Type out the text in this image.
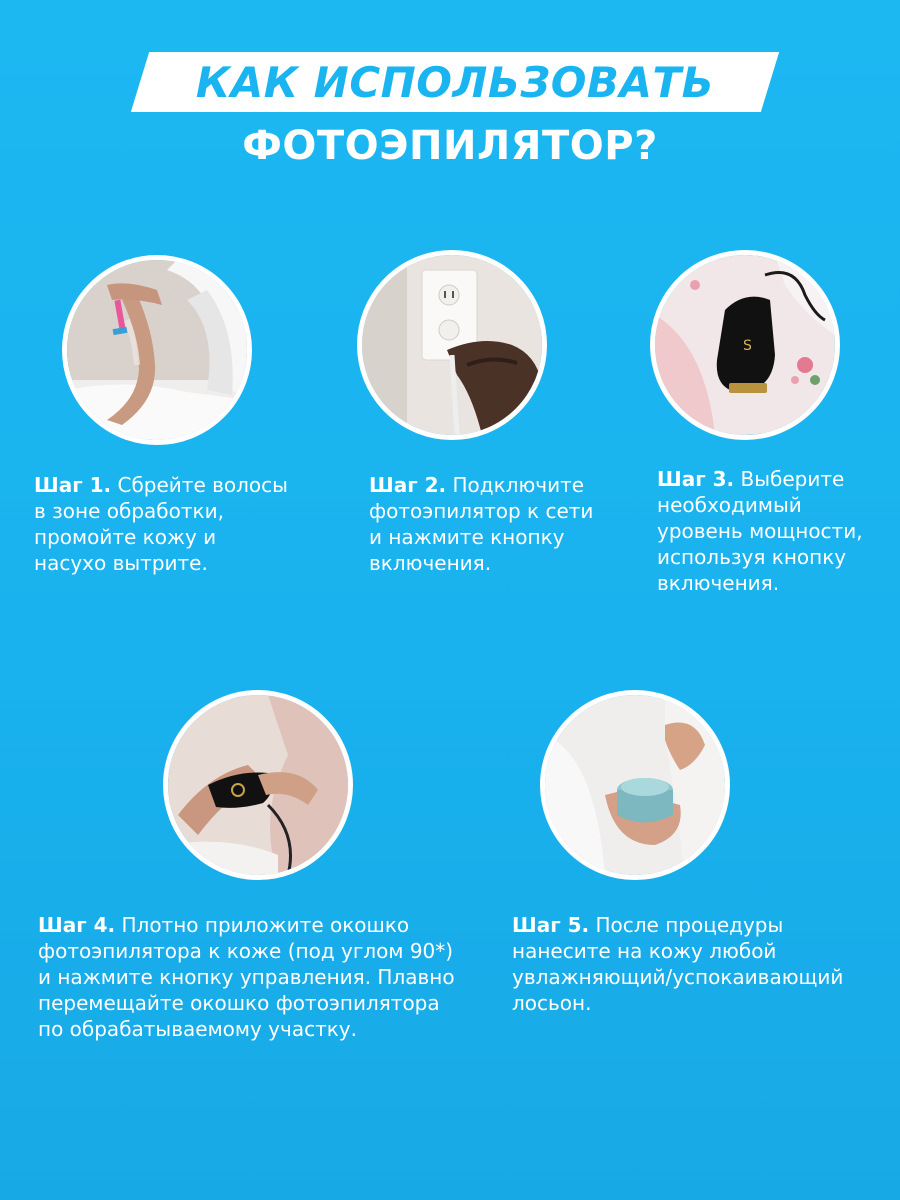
КАК ИСПОЛЬЗОВАТЬ
ФОТОЭПИЛЯТОР?
S
Шаг 1. Сбрейте волосы
в зоне обработки,
промойте кожу и
насухо вытрите.
Шаг 2. Подключите
фотоэпилятор к сети
и нажмите кнопку
включения.
Шаг 3. Выберите
необходимый
уровень мощности,
используя кнопку
включения.
Шаг 4. Плотно приложите окошко
фотоэпилятора к коже (под углом 90*)
и нажмите кнопку управления. Плавно
перемещайте окошко фотоэпилятора
по обрабатываемому участку.
Шаг 5. После процедуры
нанесите на кожу любой
увлажняющий/успокаивающий
лосьон.
